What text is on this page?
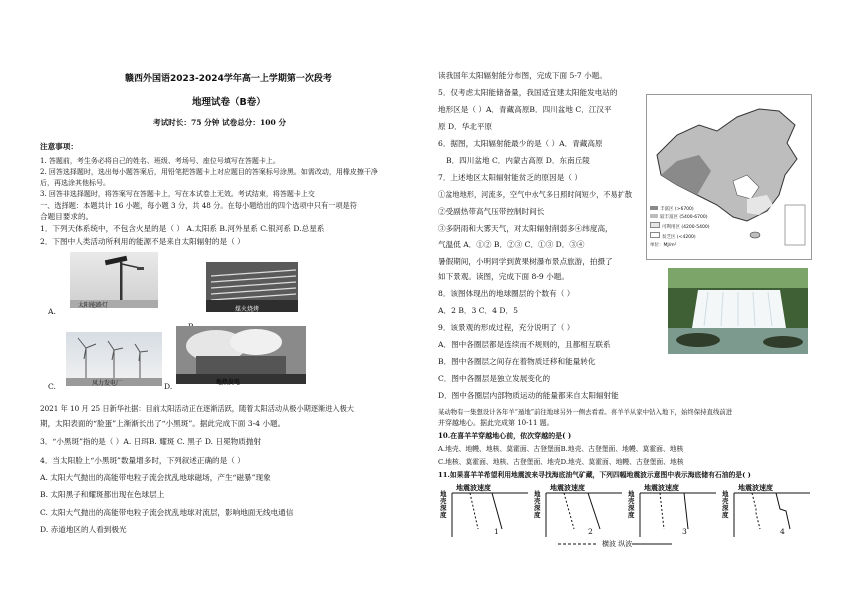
赣西外国语2023-2024学年高一上学期第一次段考
地理试卷（B卷）
考试时长：75 分钟 试卷总分：100 分
注意事项：
1. 答题前，考生务必将自己的姓名、班级、考场号、座位号填写在答题卡上。
2. 回答选择题时，选出每小题答案后，用铅笔把答题卡上对应题目的答案标号涂黑。如需改动，用橡皮擦干净
后，再选涂其他标号。
3. 回答非选择题时，将答案写在答题卡上，写在本试卷上无效。考试结束，将答题卡上交
一、选择题：本题共计 16 小题，每小题 3 分，共 48 分。在每小题给出的四个选项中只有一项是符
合题目要求的。
1．下列天体系统中，不包含火星的是（ ） A.太阳系 B.河外星系 C.银河系 D.总星系
2．下图中人类活动所利用的能源不是来自太阳辐射的是（ ）
太阳能路灯
A.	煤火烧烤
风力发电厂
C.	地热发电
D.
2021 年 10 月 25 日新华社据：目前太阳活动正在逐渐活跃，随着太阳活动从极小期逐渐进入极大
期，太阳表面的“脸蛋”上渐渐长出了“小黑斑”。据此完成下面 3-4 小题。
3．“小黑斑”指的是（ ）A. 日珥B. 耀斑 C. 黑子 D. 日冕物质抛射
4．当太阳脸上“小黑斑”数量增多时，下列叙述正确的是（ ）
A. 太阳大气抛出的高能带电粒子流会扰乱地球磁场，产生“磁暴”现象
B. 太阳黑子和耀斑都出现在色球层上
C. 太阳大气抛出的高能带电粒子流会扰乱地球对流层，影响地面无线电通信
D. 赤道地区的人看到极光
读我国年太阳辐射能分布图，完成下面 5-7 小题。
5．仅考虑太阳能储备量，我国适宜建太阳能发电站的
地形区是（ ）A．青藏高原B．四川盆地 C．江汉平
原 D．华北平原
6．据图，太阳辐射能最少的是（ ）A．青藏高原
B．四川盆地 C．内蒙古高原 D．东南丘陵
7．上述地区太阳辐射能贫乏的原因是（ ）
①盆地地形，河流多，空气中水气多日照时间短少，不易扩散
②受副热带高气压带控制时间长
③多阴雨和大雾天气，对太阳辐射削弱多④纬度高，
气温低 A．①② B．②③ C．①③ D．③④
暑假期间，小明同学到黄果树瀑布景点旅游，拍摄了
如下景观。读图，完成下面 8-9 小题。
8．该图体现出的地球圈层的个数有（ ）
A．2 B．3 C．4 D．5
9．该景观的形成过程，充分说明了（ ）
A．图中各圈层都是连续而不规则的，且都相互联系
B．图中各圈层之间存在着物质迁移和能量转化
C．图中各圈层是独立发展变化的
D．图中各圈层内部物质运动的能量都来自太阳辐射能
某动物有一集想设计各年羊“遁地”前往地球另外一侧去看看。喜羊羊从家中钻入地下，始终保持直线前进
并穿越地心。据此完成第 10-11 题。
10.在喜羊羊穿越地心前，依次穿越的是( )
A.地壳、地幔、地核、莫霍面、古登堡面B.地壳、古登堡面、地幔、莫霍面、地核
C.地核、莫霍面、地核、古登堡面、地壳D.地壳、莫霍面、地幔、古登堡面、地核
11.如果喜羊羊希望利用地震波来寻找海底油气矿藏，下列四幅地震波示意图中表示海底储有石油的是( )
丰富区 (>6700)
较丰富区 (5400-6700)
可利用区 (4200-5400)
贫乏区 (<4200)
单位：MJ/m²
地震波速度
地壳深度
1
地震波速度
地壳深度
2
地震波速度
地壳深度
3
地震波速度
地壳深度
4
横波 纵波
